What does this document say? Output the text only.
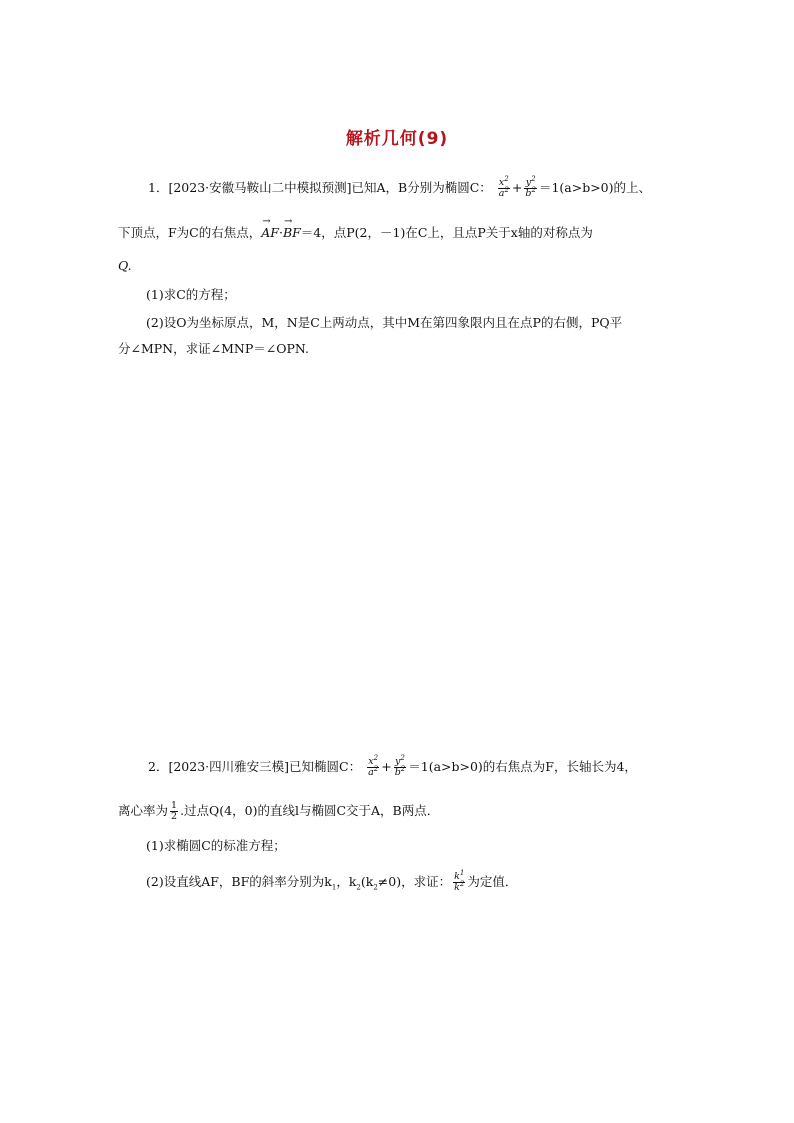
解析几何(9)
1．[2023·安徽马鞍山二中模拟预测]已知A，B分别为椭圆C： $\frac{x^2}{a^2} + \frac{y^2}{b^2} =1(a>b>0)$的上、
下顶点，F为C的右焦点，→ AF·→ BF＝4，点P(2，－1)在C上，且点P关于x轴的对称点为
Q.
(1)求C的方程；
(2)设O为坐标原点，M，N是C上两动点，其中M在第四象限内且在点P的右侧，PQ平
分∠MPN，求证∠MNP＝∠OPN.
2．[2023·四川雅安三模]已知椭圆C： $\frac{x^2}{a^2} + \frac{y^2}{b^2} =1(a>b>0)$的右焦点为F，长轴长为4，
离心率为 $\frac{1}{2}$ .过点Q(4，0)的直线l与椭圆C交于A，B两点．
(1)求椭圆C的标准方程；
(2)设直线AF，BF的斜率分别为$k_1$，$k_2(k_2\ne 0)$，求证： $\frac{k^1}{k^2}$ 为定值．
